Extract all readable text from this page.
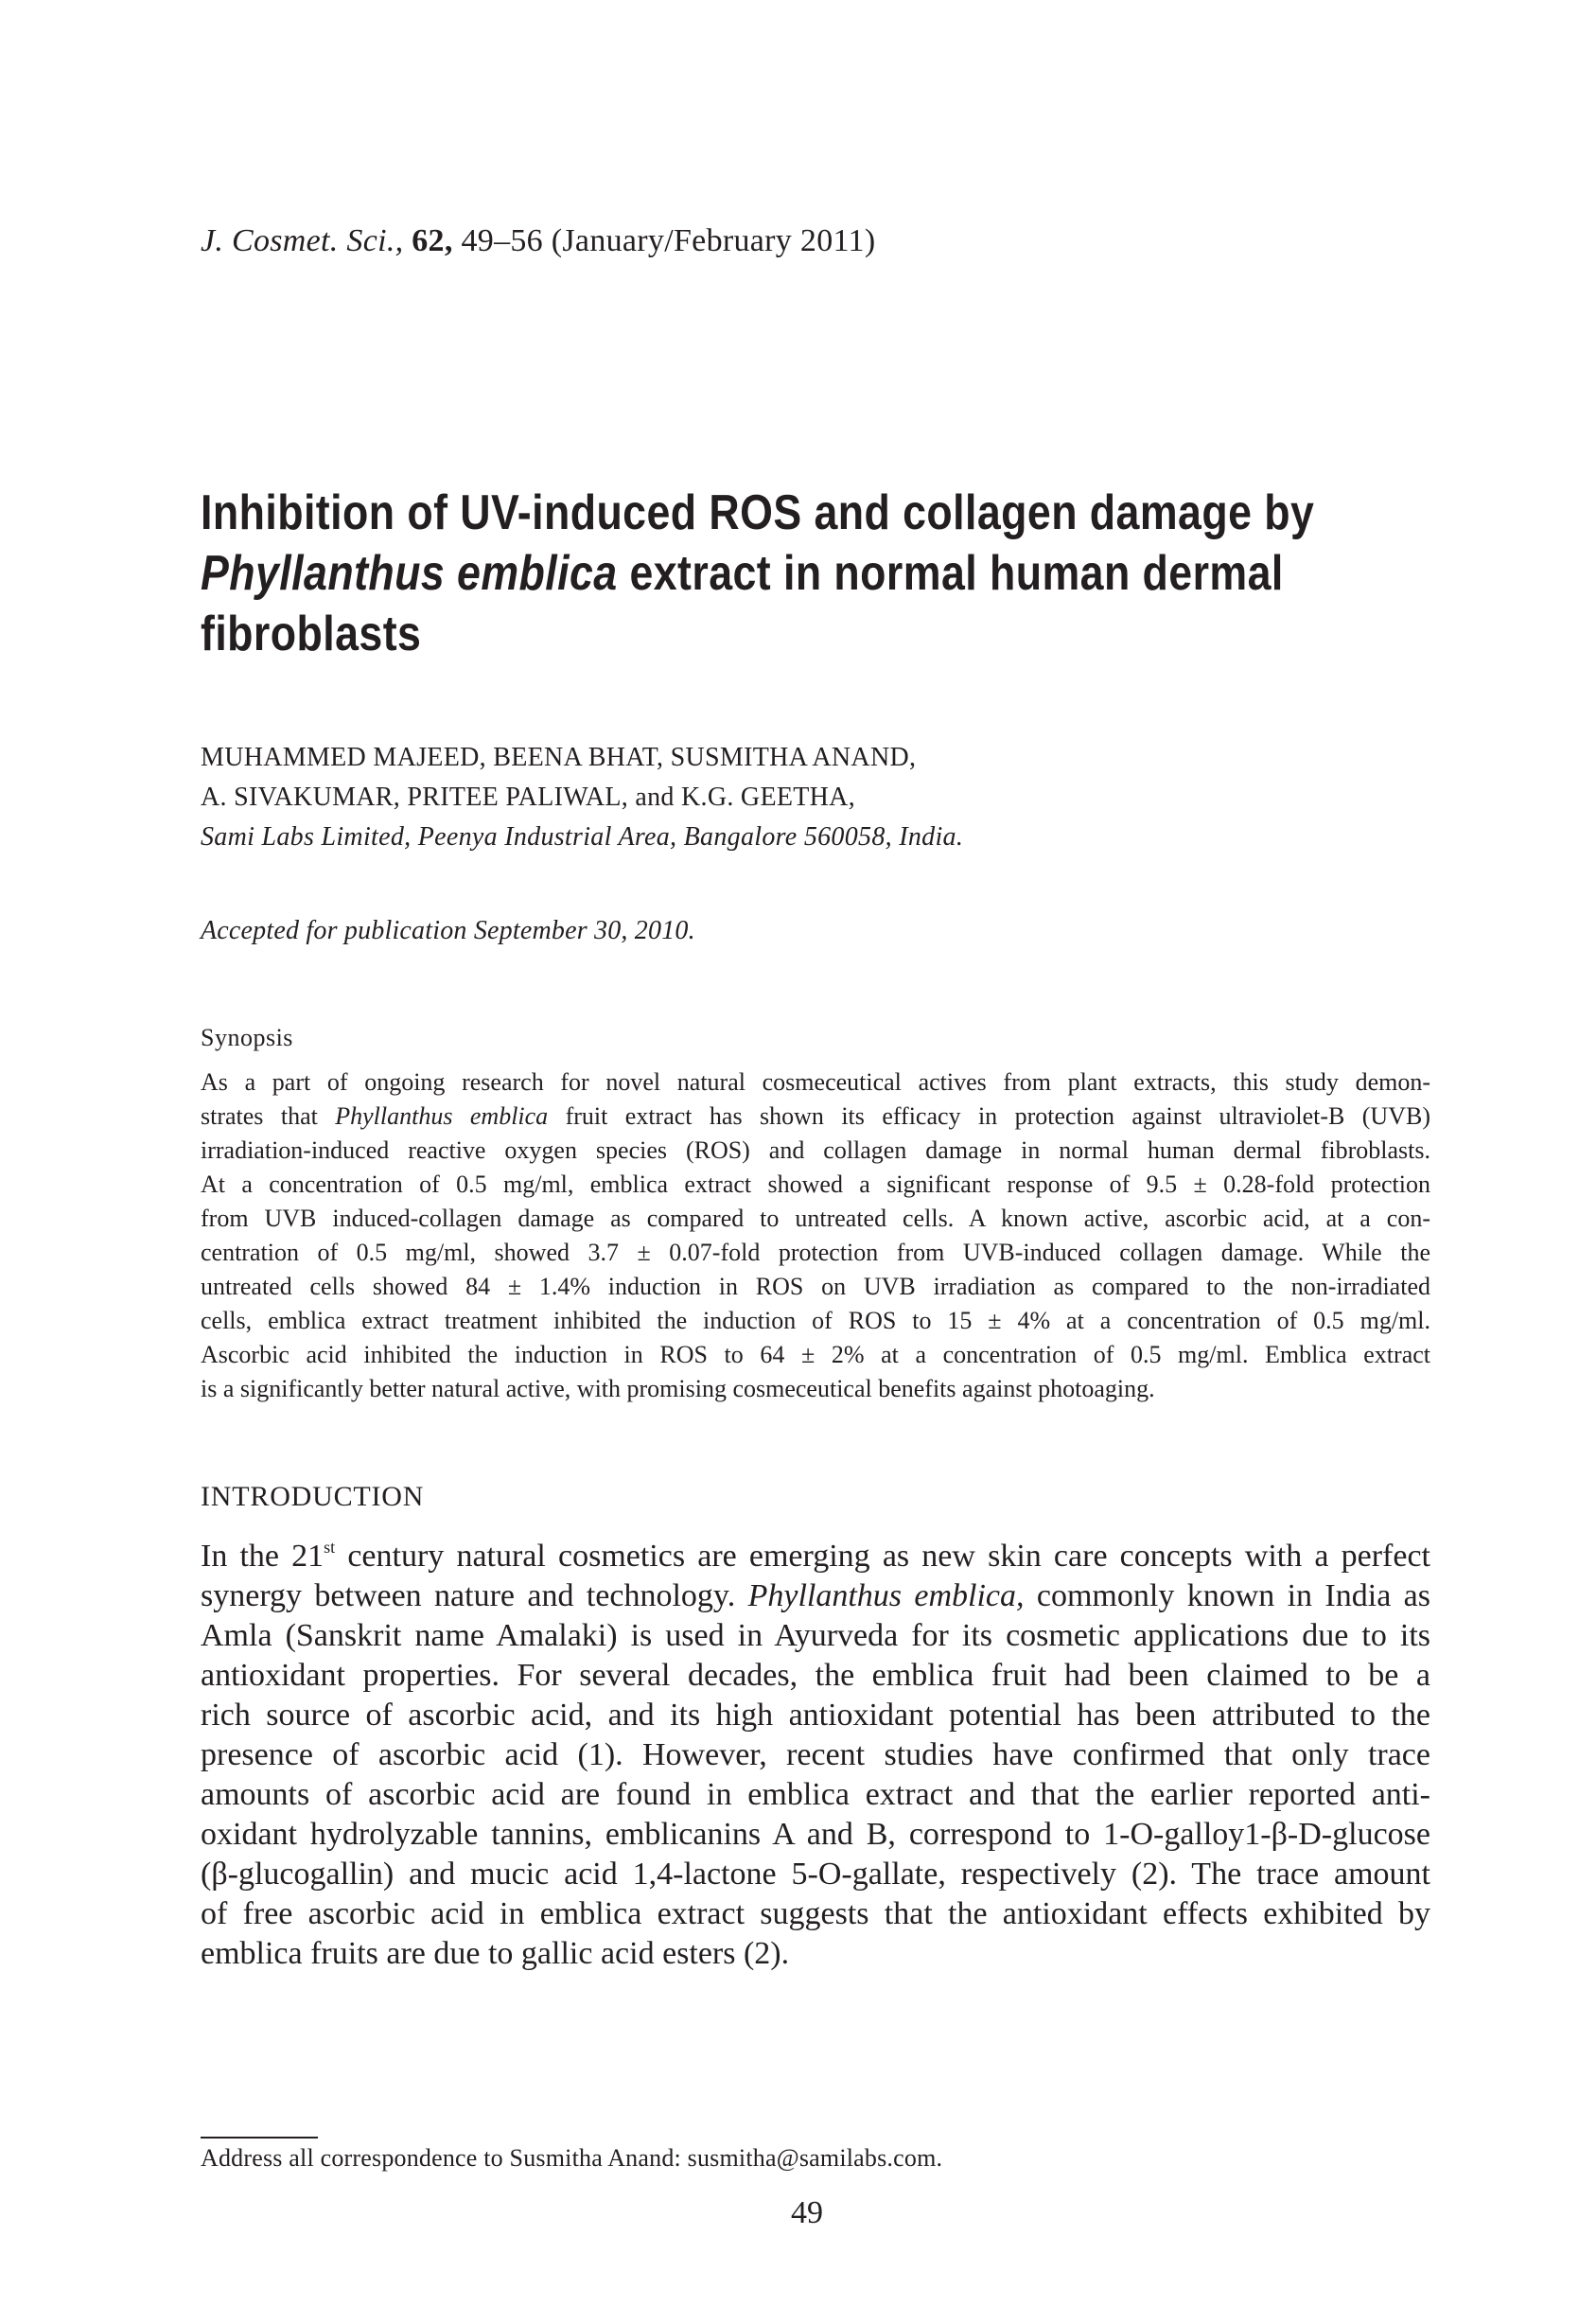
J. Cosmet. Sci., 62, 49–56 (January/February 2011)
Inhibition of UV-induced ROS and collagen damage by
Phyllanthus emblica extract in normal human dermal
fibroblasts
MUHAMMED MAJEED, BEENA BHAT, SUSMITHA ANAND,
A. SIVAKUMAR, PRITEE PALIWAL, and K.G. GEETHA,
Sami Labs Limited, Peenya Industrial Area, Bangalore 560058, India.
Accepted for publication September 30, 2010.
Synopsis
As a part of ongoing research for novel natural cosmeceutical actives from plant extracts, this study demon-
strates that Phyllanthus emblica fruit extract has shown its efficacy in protection against ultraviolet-B (UVB)
irradiation-induced reactive oxygen species (ROS) and collagen damage in normal human dermal fibroblasts.
At a concentration of 0.5 mg/ml, emblica extract showed a significant response of 9.5 ± 0.28-fold protection
from UVB induced-collagen damage as compared to untreated cells. A known active, ascorbic acid, at a con-
centration of 0.5 mg/ml, showed 3.7 ± 0.07-fold protection from UVB-induced collagen damage. While the
untreated cells showed 84 ± 1.4% induction in ROS on UVB irradiation as compared to the non-irradiated
cells, emblica extract treatment inhibited the induction of ROS to 15 ± 4% at a concentration of 0.5 mg/ml.
Ascorbic acid inhibited the induction in ROS to 64 ± 2% at a concentration of 0.5 mg/ml. Emblica extract
is a significantly better natural active, with promising cosmeceutical benefits against photoaging.
INTRODUCTION
In the 21st century natural cosmetics are emerging as new skin care concepts with a perfect
synergy between nature and technology. Phyllanthus emblica, commonly known in India as
Amla (Sanskrit name Amalaki) is used in Ayurveda for its cosmetic applications due to its
antioxidant properties. For several decades, the emblica fruit had been claimed to be a
rich source of ascorbic acid, and its high antioxidant potential has been attributed to the
presence of ascorbic acid (1). However, recent studies have confirmed that only trace
amounts of ascorbic acid are found in emblica extract and that the earlier reported anti-
oxidant hydrolyzable tannins, emblicanins A and B, correspond to 1-O-galloy1-β-D-glucose
(β-glucogallin) and mucic acid 1,4-lactone 5-O-gallate, respectively (2). The trace amount
of free ascorbic acid in emblica extract suggests that the antioxidant effects exhibited by
emblica fruits are due to gallic acid esters (2).
Address all correspondence to Susmitha Anand: susmitha@samilabs.com.
49
